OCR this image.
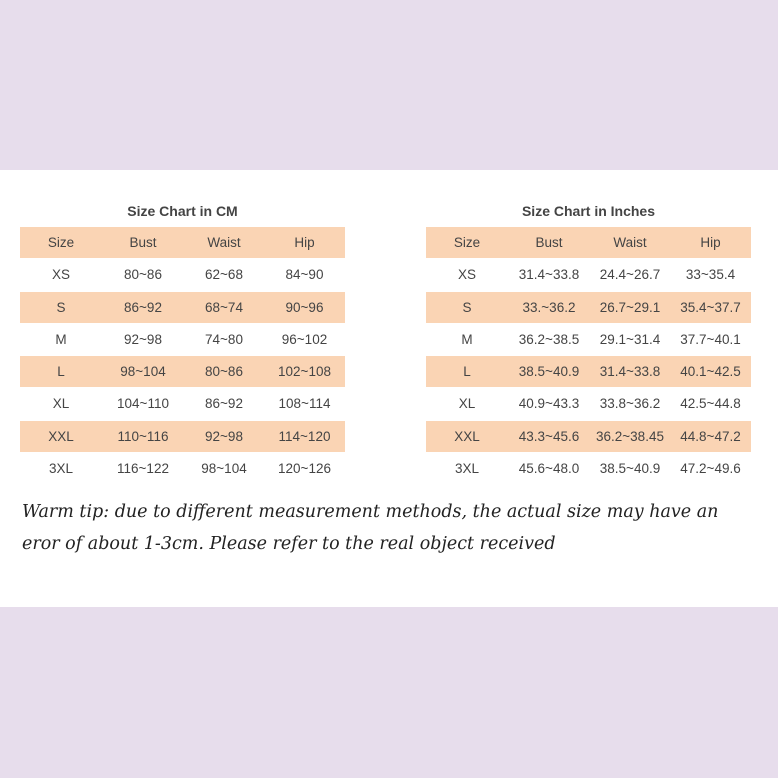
Size Chart in CM
Size	Bust	Waist	Hip
XS	80~86	62~68	84~90
S	86~92	68~74	90~96
M	92~98	74~80	96~102
L	98~104	80~86	102~108
XL	104~110	86~92	108~114
XXL	110~116	92~98	114~120
3XL	116~122	98~104	120~126
Size Chart in Inches
Size	Bust	Waist	Hip
XS	31.4~33.8	24.4~26.7	33~35.4
S	33.~36.2	26.7~29.1	35.4~37.7
M	36.2~38.5	29.1~31.4	37.7~40.1
L	38.5~40.9	31.4~33.8	40.1~42.5
XL	40.9~43.3	33.8~36.2	42.5~44.8
XXL	43.3~45.6	36.2~38.45	44.8~47.2
3XL	45.6~48.0	38.5~40.9	47.2~49.6
Warm tip: due to different measurement methods, the actual size may have an
eror of about 1-3cm. Please refer to the real object received
